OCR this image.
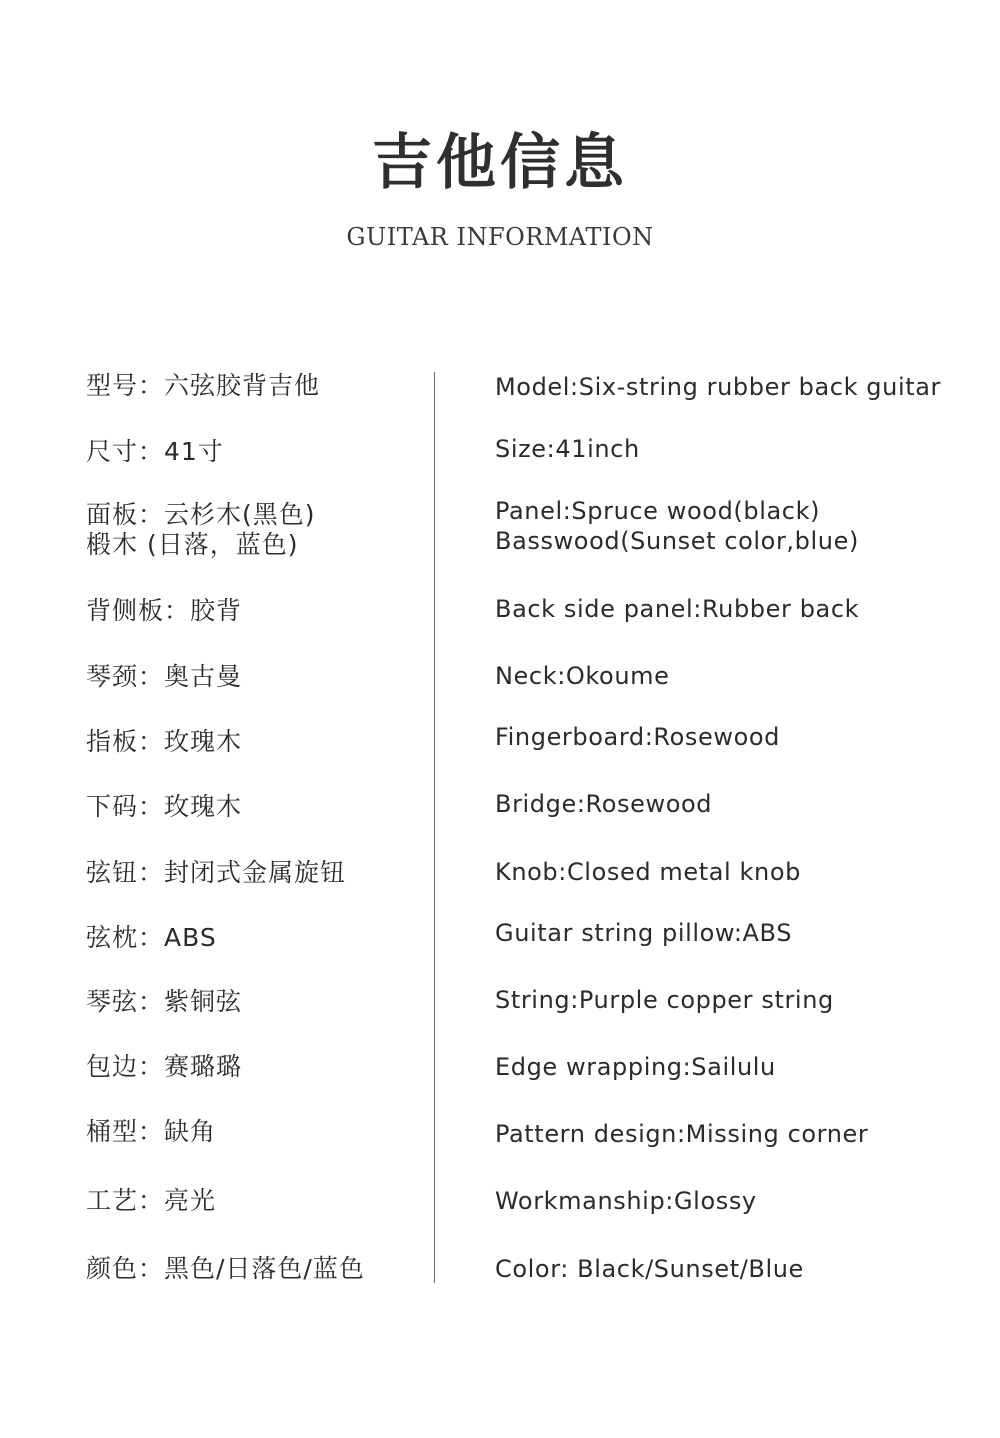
吉他信息
GUITAR INFORMATION
型号：六弦胶背吉他
尺寸：41寸
面板：云杉木(黑色)
椴木 (日落，蓝色)
背侧板：胶背
琴颈：奥古曼
指板：玫瑰木
下码：玫瑰木
弦钮：封闭式金属旋钮
弦枕：ABS
琴弦：紫铜弦
包边：赛璐璐
桶型：缺角
工艺：亮光
颜色：黑色/日落色/蓝色
Model:Six-string rubber back guitar
Size:41inch
Panel:Spruce wood(black)
Basswood(Sunset color,blue)
Back side panel:Rubber back
Neck:Okoume
Fingerboard:Rosewood
Bridge:Rosewood
Knob:Closed metal knob
Guitar string pillow:ABS
String:Purple copper string
Edge wrapping:Sailulu
Pattern design:Missing corner
Workmanship:Glossy
Color: Black/Sunset/Blue
